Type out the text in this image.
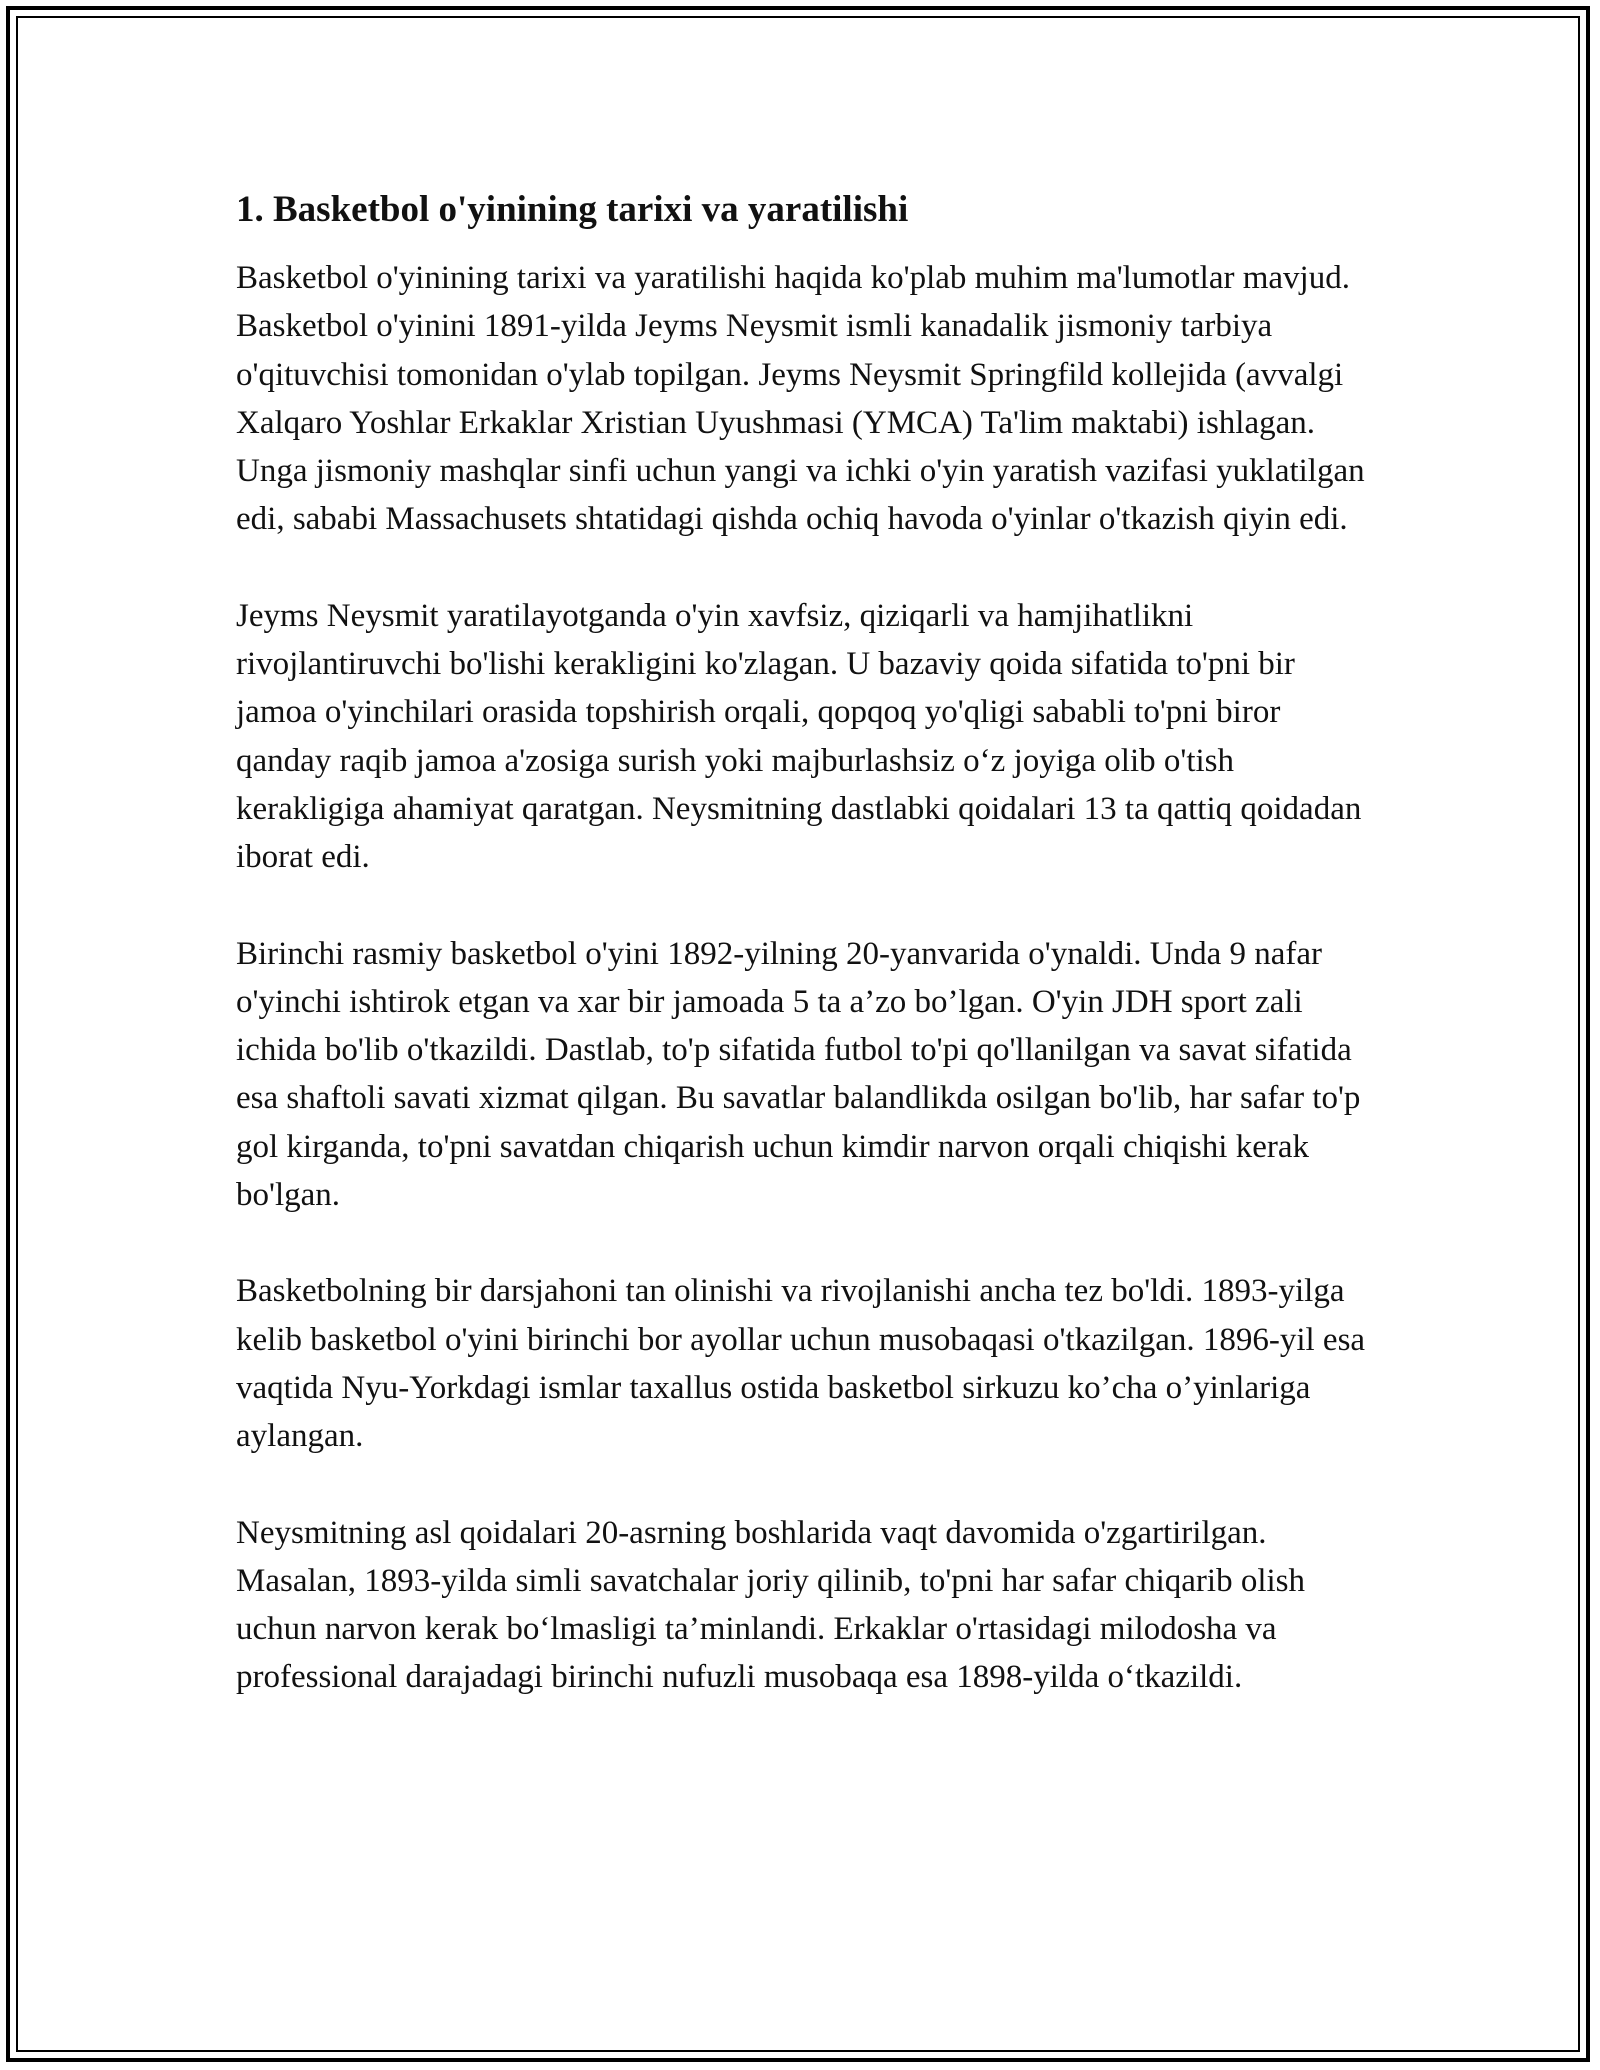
1. Basketbol o'yinining tarixi va yaratilishi

Basketbol o'yinining tarixi va yaratilishi haqida ko'plab muhim ma'lumotlar mavjud. Basketbol o'yinini 1891-yilda Jeyms Neysmit ismli kanadalik jismoniy tarbiya o'qituvchisi tomonidan o'ylab topilgan. Jeyms Neysmit Springfild kollejida (avvalgi Xalqaro Yoshlar Erkaklar Xristian Uyushmasi (YMCA) Ta'lim maktabi) ishlagan. Unga jismoniy mashqlar sinfi uchun yangi va ichki o'yin yaratish vazifasi yuklatilgan edi, sababi Massachusets shtatidagi qishda ochiq havoda o'yinlar o'tkazish qiyin edi.

Jeyms Neysmit yaratilayotganda o'yin xavfsiz, qiziqarli va hamjihatlikni rivojlantiruvchi bo'lishi kerakligini ko'zlagan. U bazaviy qoida sifatida to'pni bir jamoa o'yinchilari orasida topshirish orqali, qopqoq yo'qligi sababli to'pni biror qanday raqib jamoa a'zosiga surish yoki majburlashsiz o‘z joyiga olib o'tish kerakligiga ahamiyat qaratgan. Neysmitning dastlabki qoidalari 13 ta qattiq qoidadan iborat edi.

Birinchi rasmiy basketbol o'yini 1892-yilning 20-yanvarida o'ynaldi. Unda 9 nafar o'yinchi ishtirok etgan va xar bir jamoada 5 ta a’zo bo’lgan. O'yin JDH sport zali ichida bo'lib o'tkazildi. Dastlab, to'p sifatida futbol to'pi qo'llanilgan va savat sifatida esa shaftoli savati xizmat qilgan. Bu savatlar balandlikda osilgan bo'lib, har safar to'p gol kirganda, to'pni savatdan chiqarish uchun kimdir narvon orqali chiqishi kerak bo'lgan.

Basketbolning bir darsjahoni tan olinishi va rivojlanishi ancha tez bo'ldi. 1893-yilga kelib basketbol o'yini birinchi bor ayollar uchun musobaqasi o'tkazilgan. 1896-yil esa vaqtida Nyu-Yorkdagi ismlar taxallus ostida basketbol sirkuzu ko’cha o’yinlariga aylangan.

Neysmitning asl qoidalari 20-asrning boshlarida vaqt davomida o'zgartirilgan. Masalan, 1893-yilda simli savatchalar joriy qilinib, to'pni har safar chiqarib olish uchun narvon kerak bo‘lmasligi ta’minlandi. Erkaklar o'rtasidagi milodosha va professional darajadagi birinchi nufuzli musobaqa esa 1898-yilda o‘tkazildi.
